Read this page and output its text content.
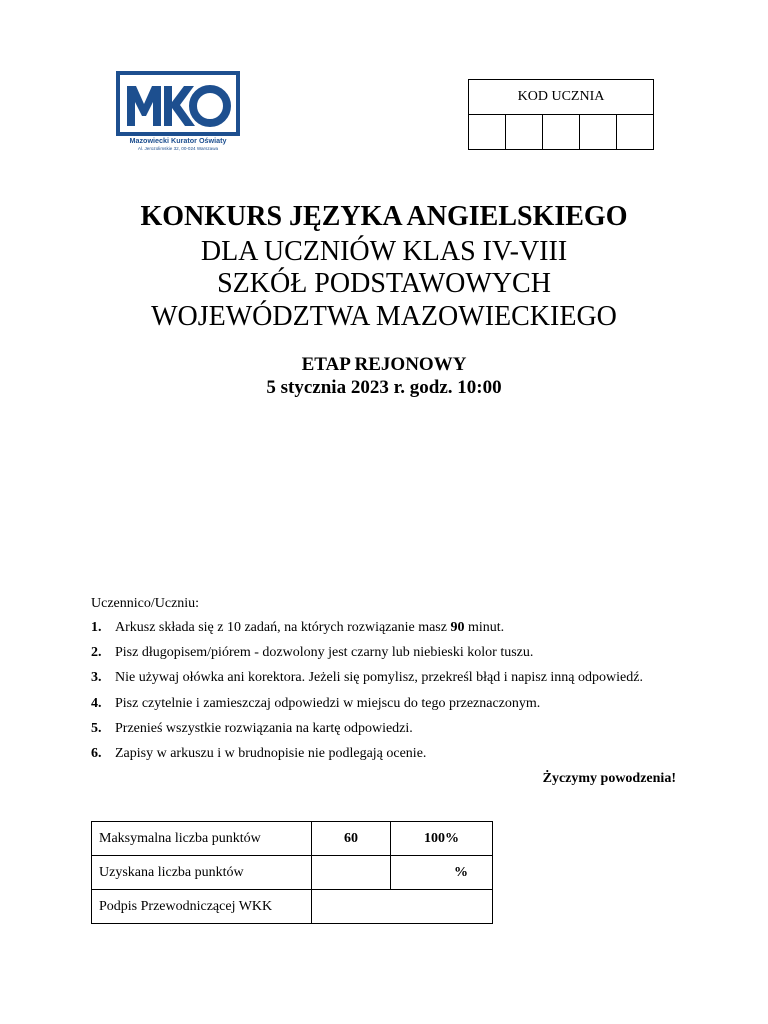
Mazowiecki Kurator Oświaty
Al. Jerozolimskie 32, 00-024 Warszawa
KOD UCZNIA

KONKURS JĘZYKA ANGIELSKIEGO
DLA UCZNIÓW KLAS IV-VIII
SZKÓŁ PODSTAWOWYCH
WOJEWÓDZTWA MAZOWIECKIEGO
ETAP REJONOWY
5 stycznia 2023 r. godz. 10:00
Uczennico/Uczniu:
1. Arkusz składa się z 10 zadań, na których rozwiązanie masz 90 minut.
2. Pisz długopisem/piórem - dozwolony jest czarny lub niebieski kolor tuszu.
3. Nie używaj ołówka ani korektora. Jeżeli się pomylisz, przekreśl błąd i napisz inną odpowiedź.
4. Pisz czytelnie i zamieszczaj odpowiedzi w miejscu do tego przeznaczonym.
5. Przenieś wszystkie rozwiązania na kartę odpowiedzi.
6. Zapisy w arkuszu i w brudnopisie nie podlegają ocenie.
Życzymy powodzenia!
Maksymalna liczba punktów	60	100%
Uzyskana liczba punktów		%
Podpis Przewodniczącej WKK		
